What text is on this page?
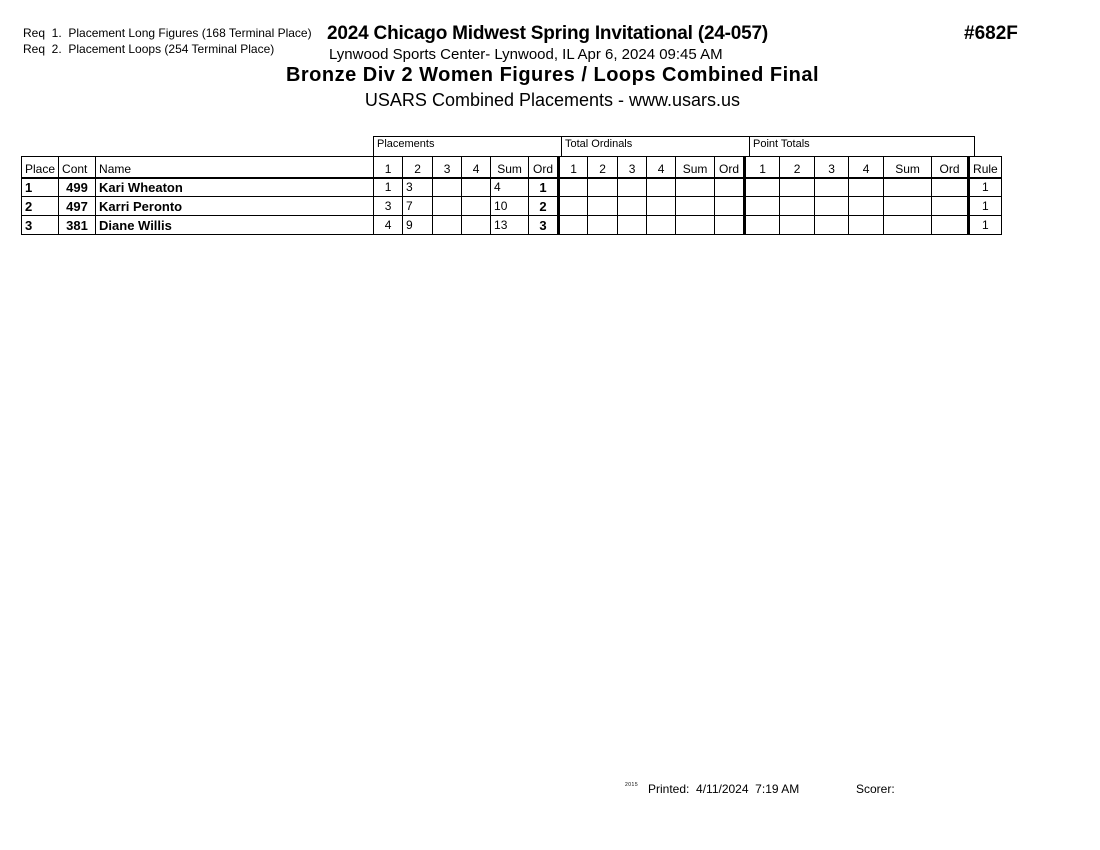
Req  1.  Placement Long Figures (168 Terminal Place)
Req  2.  Placement Loops (254 Terminal Place)
2024 Chicago Midwest Spring Invitational (24-057)
Lynwood Sports Center- Lynwood, IL Apr 6, 2024 09:45 AM
#682F
Bronze Div 2 Women Figures / Loops Combined Final
USARS Combined Placements - www.usars.us
Placements	Total Ordinals	Point Totals
Place	Cont	Name	1	2	3	4	Sum	Ord	1	2	3	4	Sum	Ord	1	2	3	4	Sum	Ord	Rule
1	499	Kari Wheaton	1	3			4	1													1
2	497	Karri Peronto	3	7			10	2													1
3	381	Diane Willis	4	9			13	3													1
2015 Printed:  4/11/2024  7:19 AM	Scorer:
